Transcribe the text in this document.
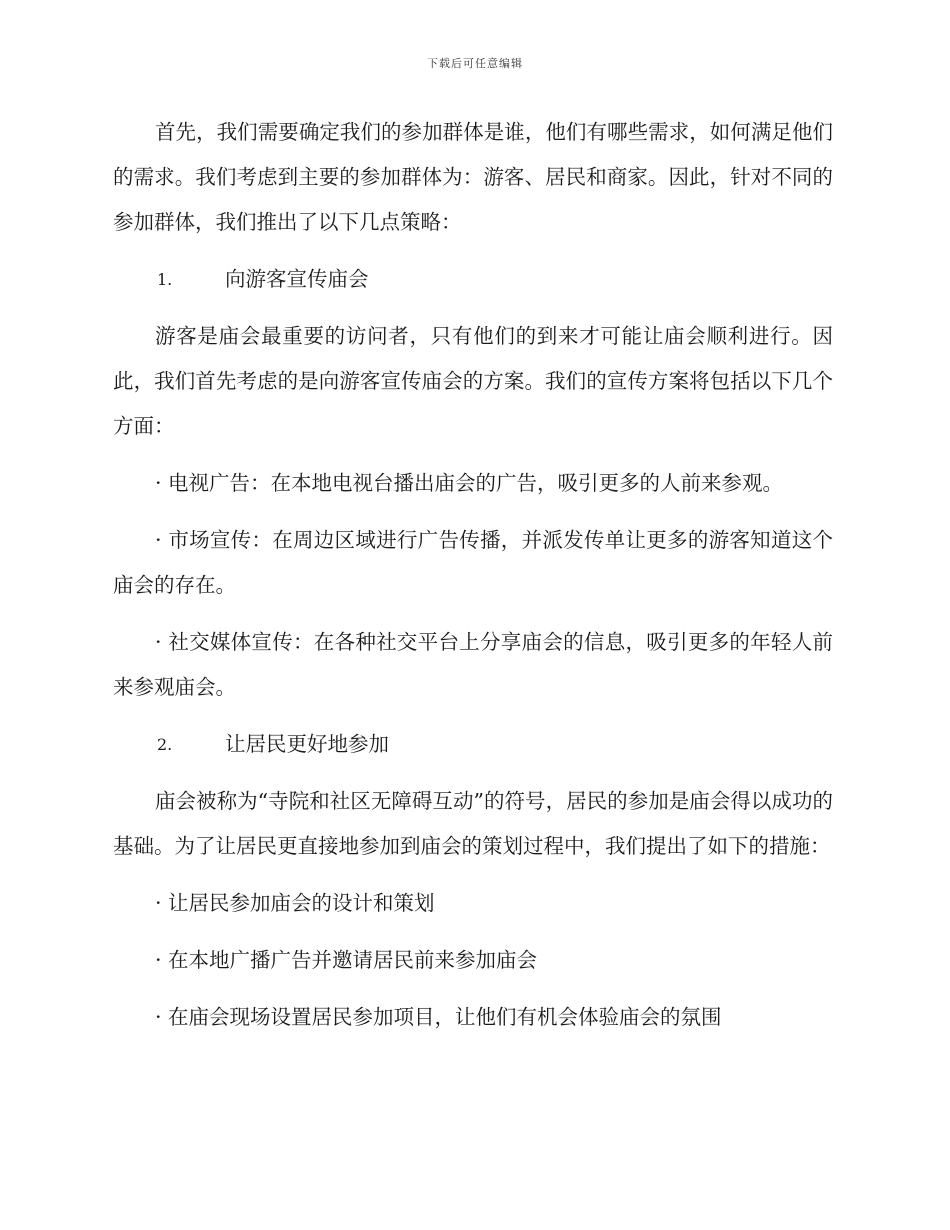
下载后可任意编辑

首先，我们需要确定我们的参加群体是谁，他们有哪些需求，如何满足他们的需求。我们考虑到主要的参加群体为：游客、居民和商家。因此，针对不同的参加群体，我们推出了以下几点策略：

1.	向游客宣传庙会

游客是庙会最重要的访问者，只有他们的到来才可能让庙会顺利进行。因此，我们首先考虑的是向游客宣传庙会的方案。我们的宣传方案将包括以下几个方面：

· 电视广告：在本地电视台播出庙会的广告，吸引更多的人前来参观。

· 市场宣传：在周边区域进行广告传播，并派发传单让更多的游客知道这个庙会的存在。

· 社交媒体宣传：在各种社交平台上分享庙会的信息，吸引更多的年轻人前来参观庙会。

2.	让居民更好地参加

庙会被称为“寺院和社区无障碍互动”的符号，居民的参加是庙会得以成功的基础。为了让居民更直接地参加到庙会的策划过程中，我们提出了如下的措施：

· 让居民参加庙会的设计和策划

· 在本地广播广告并邀请居民前来参加庙会

· 在庙会现场设置居民参加项目，让他们有机会体验庙会的氛围
